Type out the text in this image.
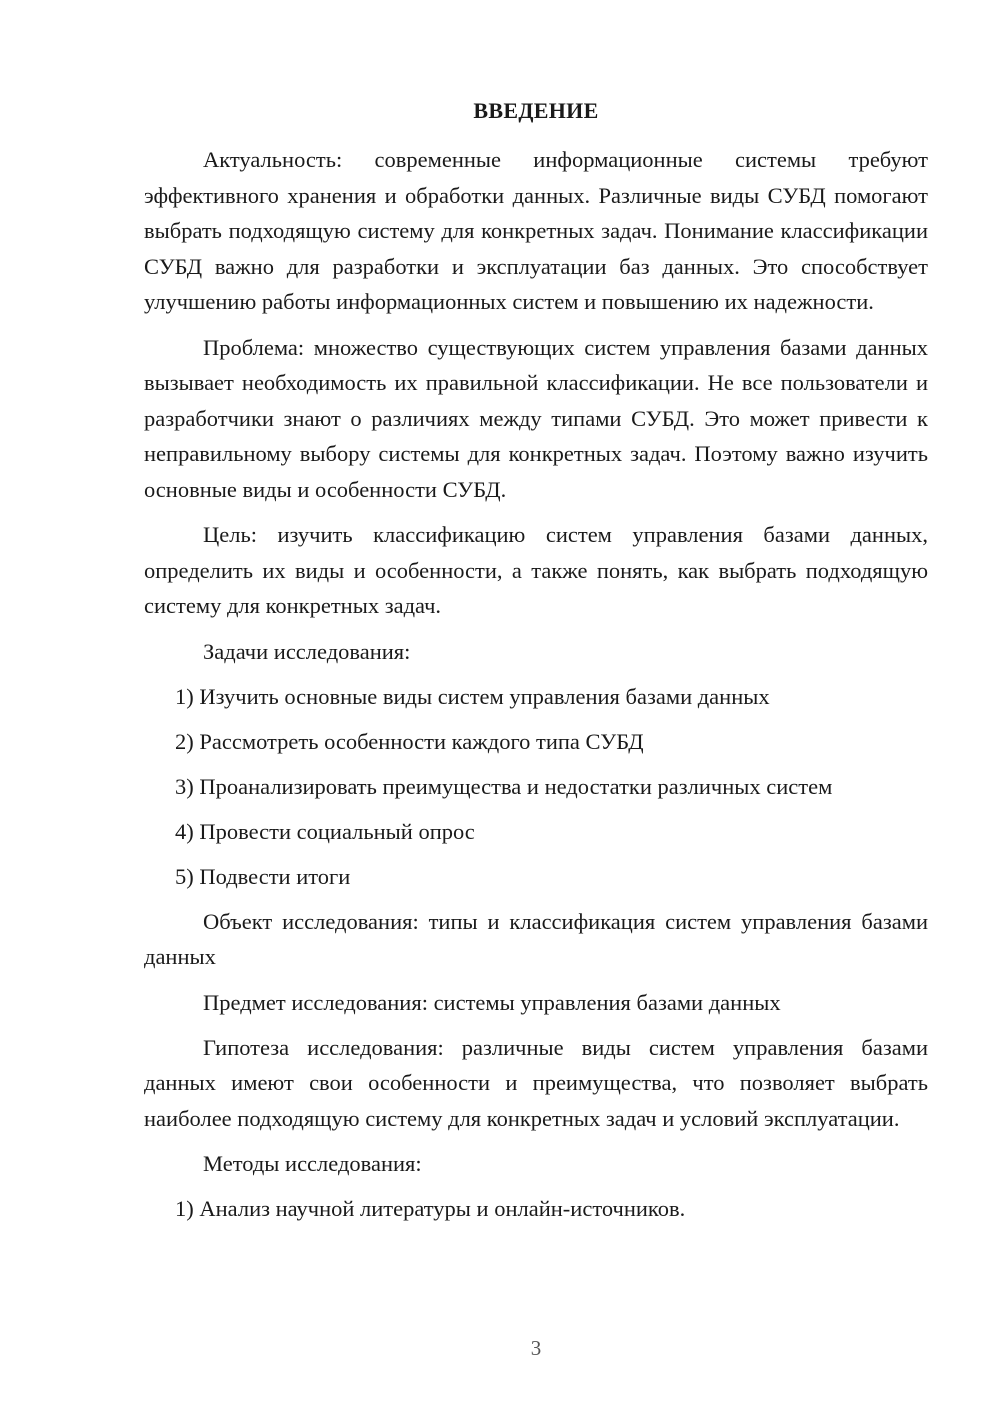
ВВЕДЕНИЕ

Актуальность: современные информационные системы требуют эффективного хранения и обработки данных. Различные виды СУБД помогают выбрать подходящую систему для конкретных задач. Понимание классификации СУБД важно для разработки и эксплуатации баз данных. Это способствует улучшению работы информационных систем и повышению их надежности.

Проблема: множество существующих систем управления базами данных вызывает необходимость их правильной классификации. Не все пользователи и разработчики знают о различиях между типами СУБД. Это может привести к неправильному выбору системы для конкретных задач. Поэтому важно изучить основные виды и особенности СУБД.

Цель: изучить классификацию систем управления базами данных, определить их виды и особенности, а также понять, как выбрать подходящую систему для конкретных задач.

Задачи исследования:

1) Изучить основные виды систем управления базами данных
2) Рассмотреть особенности каждого типа СУБД
3) Проанализировать преимущества и недостатки различных систем
4) Провести социальный опрос
5) Подвести итоги

Объект исследования: типы и классификация систем управления базами данных

Предмет исследования: системы управления базами данных

Гипотеза исследования: различные виды систем управления базами данных имеют свои особенности и преимущества, что позволяет выбрать наиболее подходящую систему для конкретных задач и условий эксплуатации.

Методы исследования:

1) Анализ научной литературы и онлайн-источников.
3
